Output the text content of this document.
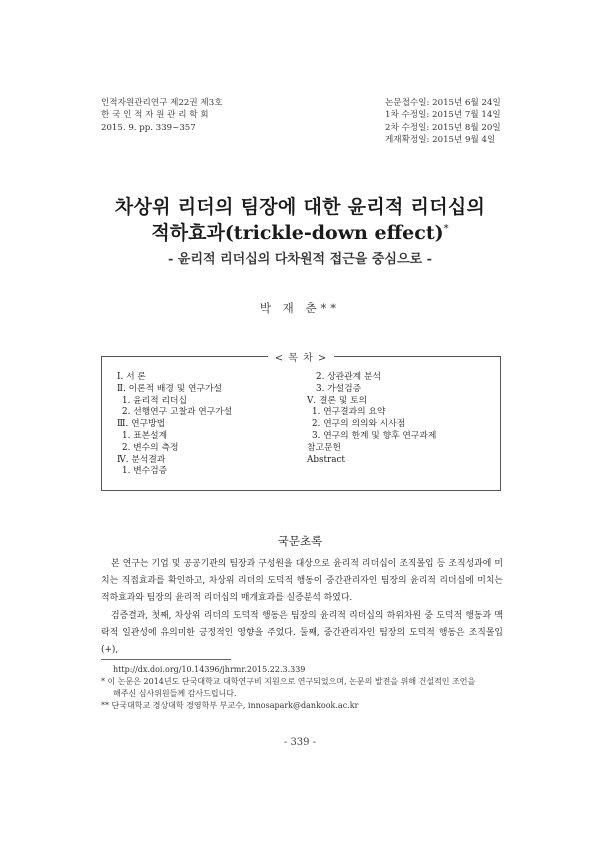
인적자원관리연구 제22권 제3호
한 국 인 적 자 원 관 리 학 회
2015. 9. pp. 339~357
논문접수일: 2015년 6월 24일
1차 수정일: 2015년 7월 14일
2차 수정일: 2015년 8월 20일
게재확정일: 2015년 9월 4일
차상위 리더의 팀장에 대한 윤리적 리더십의
적하효과(trickle-down effect)*
- 윤리적 리더십의 다차원적 접근을 중심으로 -
박 재 춘**
< 목 차 >
Ⅰ. 서 론
Ⅱ. 이론적 배경 및 연구가설
1. 윤리적 리더십
2. 선행연구 고찰과 연구가설
Ⅲ. 연구방법
1. 표본설계
2. 변수의 측정
Ⅳ. 분석결과
1. 변수검증
2. 상관관계 분석
3. 가설검증
Ⅴ. 결론 및 토의
1. 연구결과의 요약
2. 연구의 의의와 시사점
3. 연구의 한계 및 향후 연구과제
참고문헌
Abstract
국문초록

본 연구는 기업 및 공공기관의 팀장과 구성원을 대상으로 윤리적 리더십이 조직몰입 등 조직성과에 미치는 직접효과를 확인하고, 차상위 리더의 도덕적 행동이 중간관리자인 팀장의 윤리적 리더십에 미치는 적하효과와 팀장의 윤리적 리더십의 매개효과를 실증분석 하였다.

검증결과, 첫째, 차상위 리더의 도덕적 행동은 팀장의 윤리적 리더십의 하위차원 중 도덕적 행동과 맥락적 일관성에 유의미한 긍정적인 영향을 주었다. 둘째, 중간관리자인 팀장의 도덕적 행동은 조직몰입(+),

http://dx.doi.org/10.14396/jhrmr.2015.22.3.339
* 이 논문은 2014년도 단국대학교 대학연구비 지원으로 연구되었으며, 논문의 발전을 위해 건설적인 조언을
해주신 심사위원들께 감사드립니다.
** 단국대학교 경상대학 경영학부 부교수, innosapark@dankook.ac.kr
- 339 -
